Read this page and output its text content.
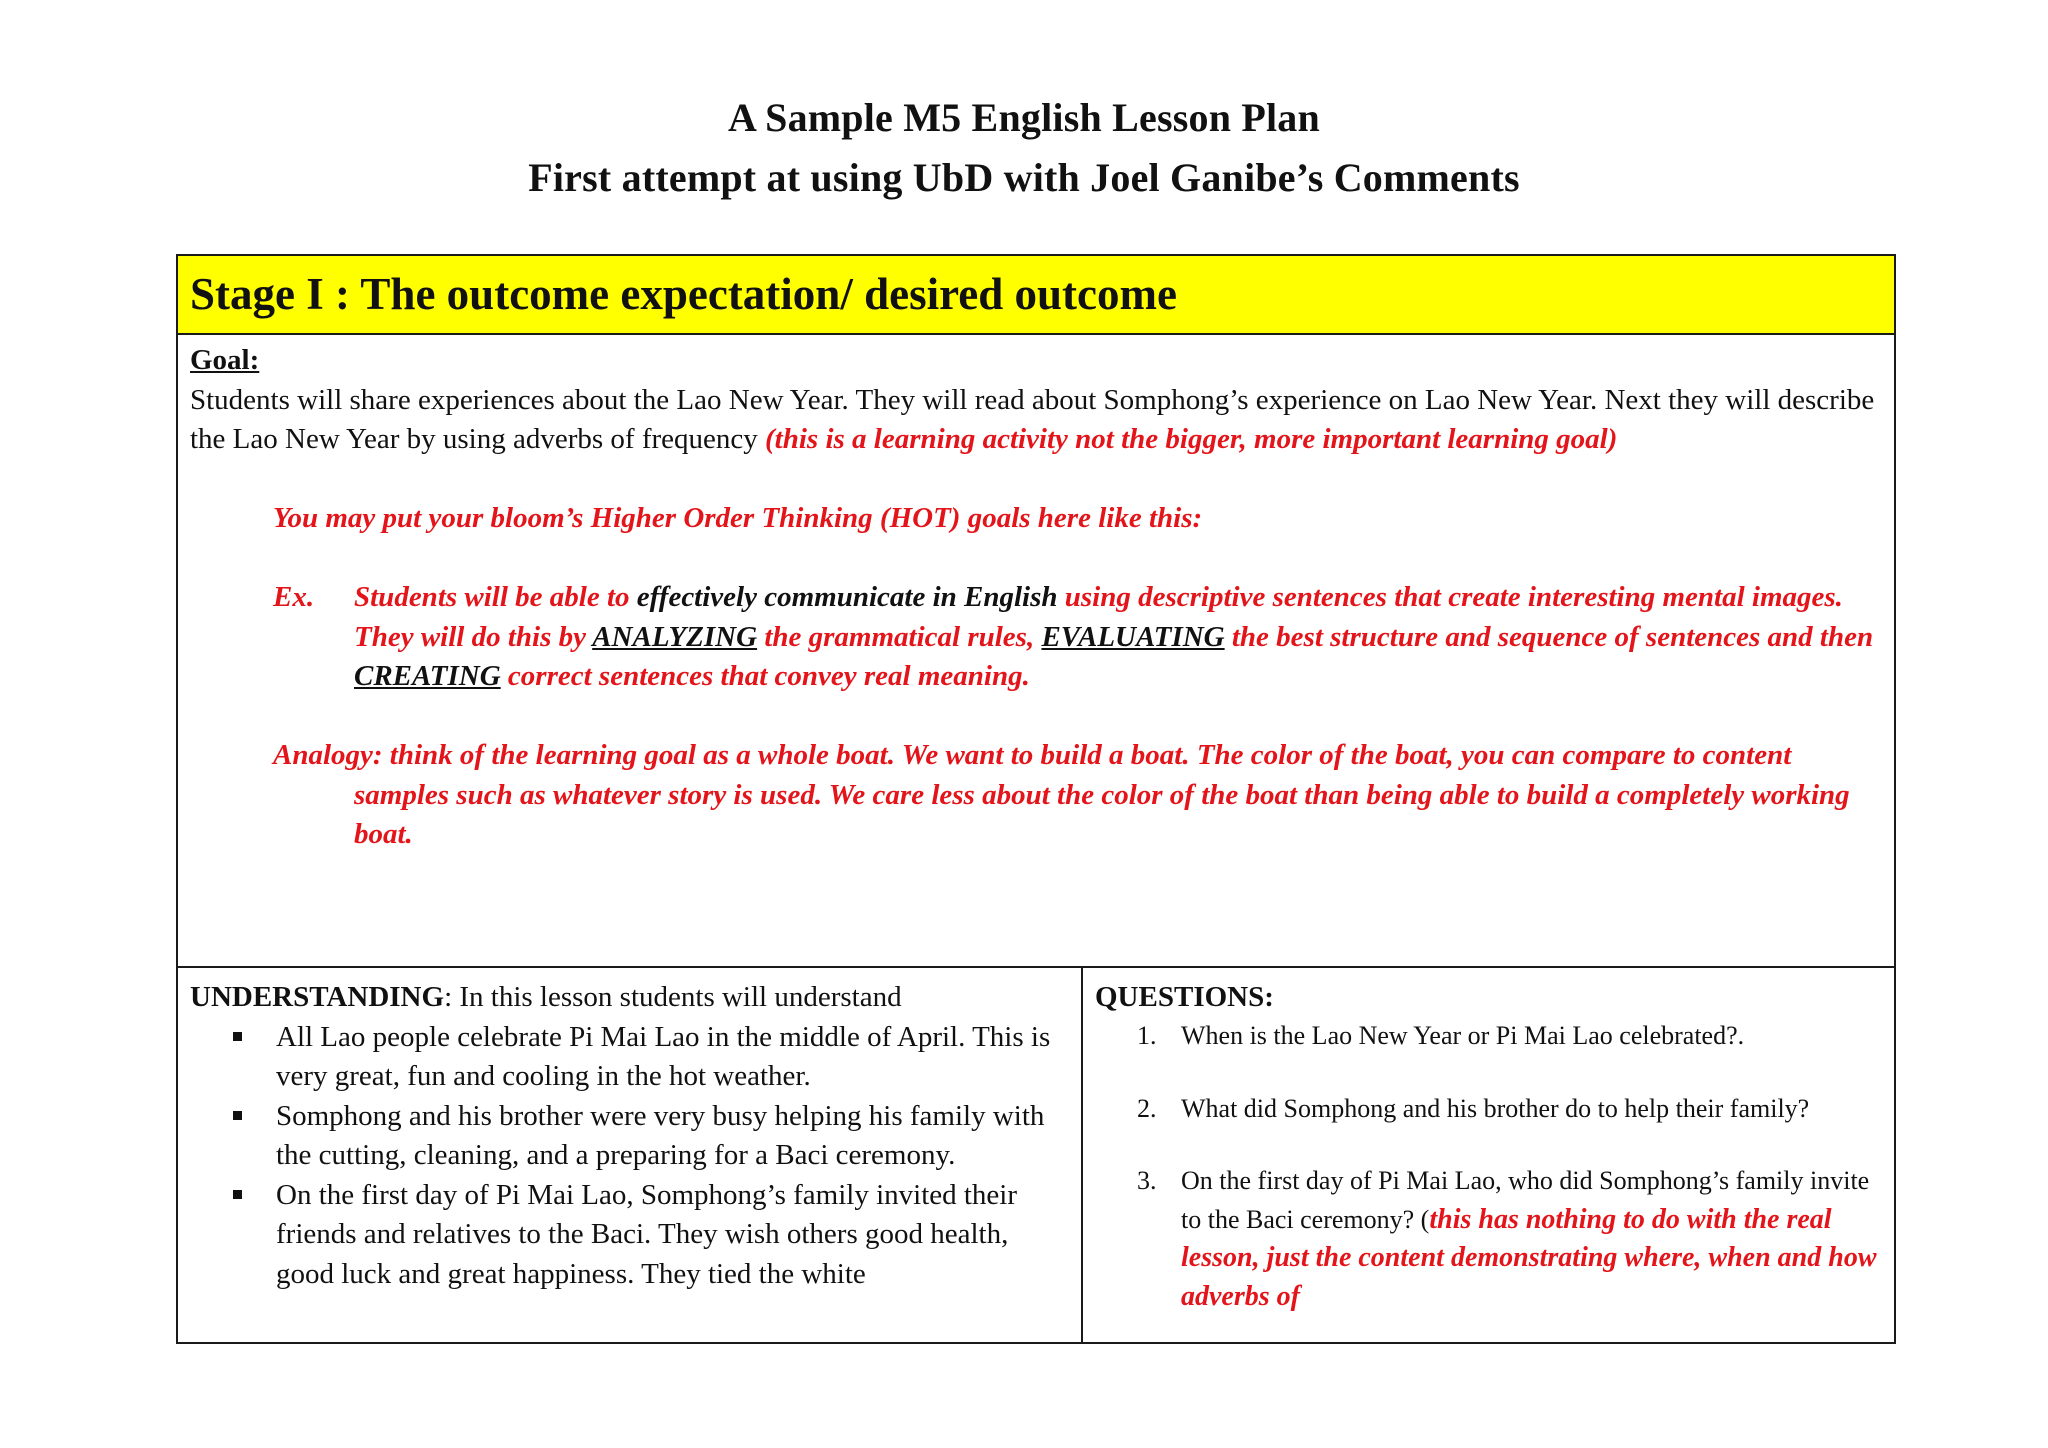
A Sample M5 English Lesson Plan
First attempt at using UbD with Joel Ganibe’s Comments
Stage I : The outcome expectation/ desired outcome
Goal:
Students will share experiences about the Lao New Year. They will read about Somphong’s experience on Lao New Year. Next they will describe the Lao New Year by using adverbs of frequency (this is a learning activity not the bigger, more important learning goal)
You may put your bloom’s Higher Order Thinking (HOT) goals here like this:
Ex. Students will be able to effectively communicate in English using descriptive sentences that create interesting mental images.
They will do this by ANALYZING the grammatical rules, EVALUATING the best structure and sequence of sentences and then CREATING correct sentences that convey real meaning.
Analogy: think of the learning goal as a whole boat. We want to build a boat. The color of the boat, you can compare to content samples such as whatever story is used. We care less about the color of the boat than being able to build a completely working boat.
UNDERSTANDING: In this lesson students will understand
All Lao people celebrate Pi Mai Lao in the middle of April. This is very great, fun and cooling in the hot weather.
Somphong and his brother were very busy helping his family with the cutting, cleaning, and a preparing for a Baci ceremony.
On the first day of Pi Mai Lao, Somphong’s family invited their friends and relatives to the Baci. They wish others good health, good luck and great happiness. They tied the white
QUESTIONS:
1. When is the Lao New Year or Pi Mai Lao celebrated?.
2. What did Somphong and his brother do to help their family?
3. On the first day of Pi Mai Lao, who did Somphong’s family invite to the Baci ceremony? (this has nothing to do with the real lesson, just the content demonstrating where, when and how adverbs of
